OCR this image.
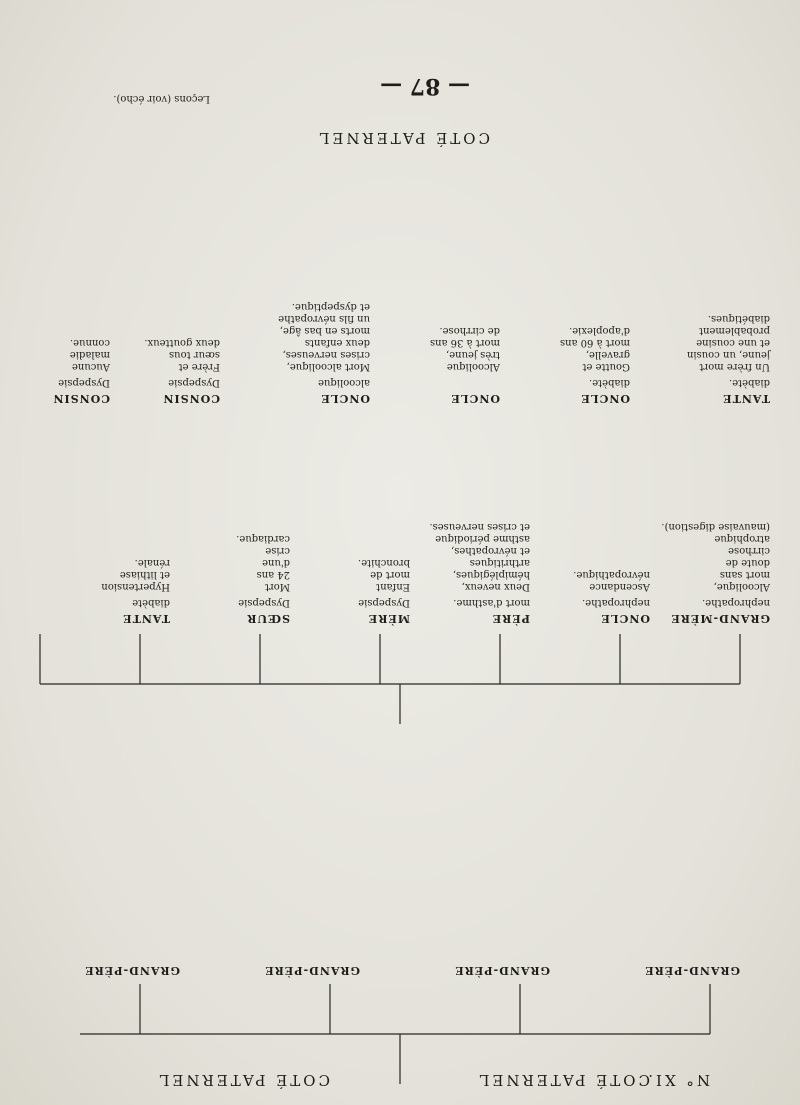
— 87 —
N° XI.
COTÉ PATERNEL
COTÉ PATERNEL
Leçons (voir écho).
GRAND-PÈRE
GRAND-PÈRE
GRAND-PÈRE
GRAND-PÈRE
GRAND-MÈRE
nephropathe.
Alcoolique,
mort sans
doute de
cirrhose
atrophique
(mauvaise digestion).
ONCLE
nephropathe.
Ascendance
névropathique.
PÈRE
mort d'asthme.
Deux neveux,
hémiplégiques,
arthritiques
et névropathes,
asthme périodique
et crises nerveuses.
MÈRE
Dyspepsie
Enfant
mort de
bronchite.
SŒUR
Dyspepsie
Mort
24 ans
d'une
crise
cardiaque.
TANTE
diabète
Hypertension
et lithiase
rénale.
TANTE
diabète.
Un frère mort
jeune, un cousin
et une cousine
probablement
diabétiques.
ONCLE
diabète.
Goutte et
gravelle,
mort à 60 ans
d'apoplexie.
ONCLE
Alcoolique
très jeune,
mort à 36 ans
de cirrhose.
ONCLE
alcoolique
Mort alcoolique,
crises nerveuses,
deux enfants
morts en bas âge,
un fils névropathe
et dyspeptique.
CONSIN
Dyspepsie
Frère et
sœur tous
deux goutteux.
CONSIN
Dyspepsie
Aucune
maladie
connue.
COTÉ PATERNEL
